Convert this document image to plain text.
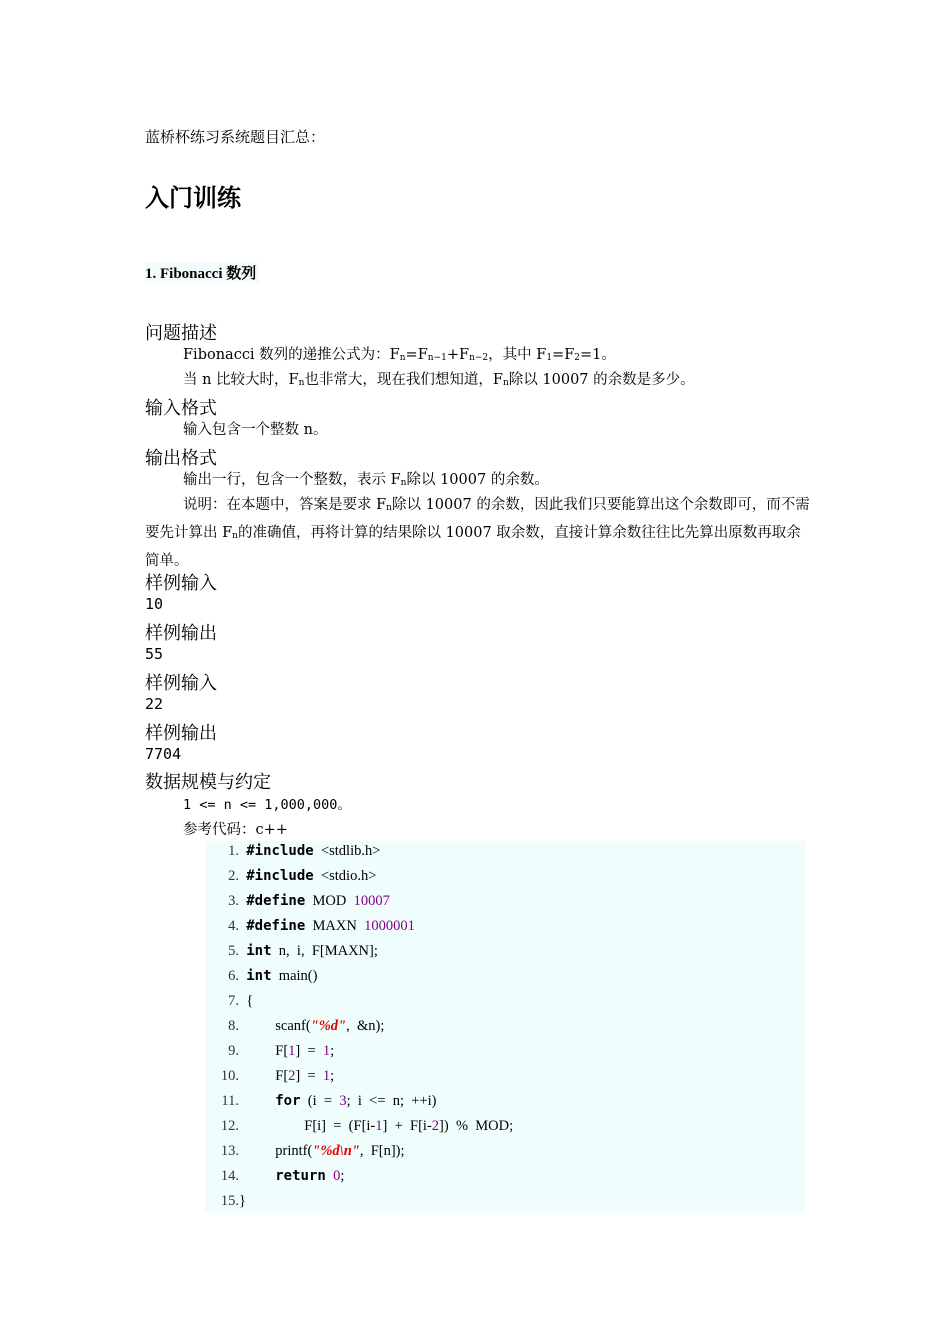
蓝桥杯练习系统题目汇总：
入门训练
1. Fibonacci 数列
问题描述
Fibonacci 数列的递推公式为：$F_n=F_{n-1}+F_{n-2}$，其中 $F_1=F_2=1$。
当 n 比较大时，$F_n$也非常大，现在我们想知道，$F_n$除以 10007 的余数是多少。
输入格式
输入包含一个整数 n。
输出格式
输出一行，包含一个整数，表示 $F_n$除以 10007 的余数。
说明：在本题中，答案是要求 $F_n$除以 10007 的余数，因此我们只要能算出这个余数即可，而不需要先计算出 $F_n$的准确值，再将计算的结果除以 10007 取余数，直接计算余数往往比先算出原数再取余简单。
样例输入
10
样例输出
55
样例输入
22
样例输出
7704
数据规模与约定
1 <= n <= 1,000,000。
参考代码：c++
1. #include  <stdlib.h>
2. #include  <stdio.h>
3. #define  MOD  10007
4. #define  MAXN  1000001
5. int  n,  i,  F[MAXN];
6. int  main()
7.  {
8.          scanf("%d",  &n);
9.          F[1]  =  1;
10.          F[2]  =  1;
11.	for  (i  =  3;  i  <=  n;  ++i)
12.                  F[i]  =  (F[i-1]  +  F[i-2])  %  MOD;
13.          printf("%d\n",  F[n]);
14.	return 0;
15.}
